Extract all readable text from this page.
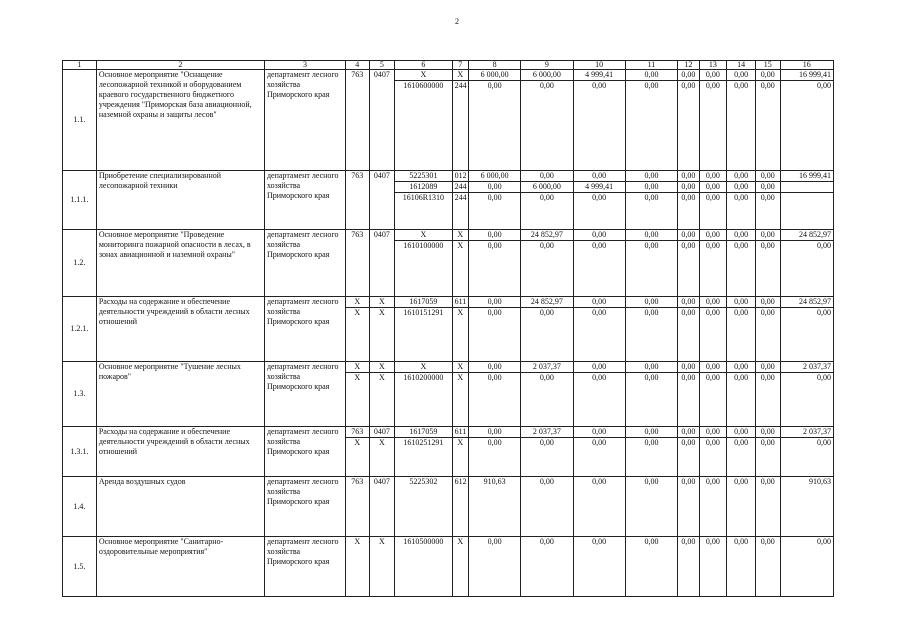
2
1	2	3	4	5	6	7	8	9	10	11	12	13	14	15	16
1.1.	Основное мероприятие "Оснащение лесопожарной техникой и оборудованием краевого государственного бюджетного учреждения "Приморская база авиационной, наземной охраны и защиты лесов"	департамент лесного хозяйства Приморского края	763	0407	X	X	6 000,00	6 000,00	4 999,41	0,00	0,00	0,00	0,00	0,00	16 999,41
					1610600000	244	0,00	0,00	0,00	0,00	0,00	0,00	0,00	0,00	0,00
1.1.1.	Приобретение специализированной лесопожарной техники	департамент лесного хозяйства Приморского края	763	0407	5225301	012	6 000,00	0,00	0,00	0,00	0,00	0,00	0,00	0,00	16 999,41
					1612089	244	0,00	6 000,00	4 999,41	0,00	0,00	0,00	0,00	0,00	
					16106R1310	244	0,00	0,00	0,00	0,00	0,00	0,00	0,00	0,00	
1.2.	Основное мероприятие "Проведение мониторинга пожарной опасности в лесах, в зонах авиационной и наземной охраны"	департамент лесного хозяйства Приморского края	763	0407	X	X	0,00	24 852,97	0,00	0,00	0,00	0,00	0,00	0,00	24 852,97
					1610100000	X	0,00	0,00	0,00	0,00	0,00	0,00	0,00	0,00	0,00
1.2.1.	Расходы на содержание и обеспечение деятельности учреждений в области лесных отношений	департамент лесного хозяйства Приморского края	X	X	1617059	611	0,00	24 852,97	0,00	0,00	0,00	0,00	0,00	0,00	24 852,97
			X	X	1610151291	X	0,00	0,00	0,00	0,00	0,00	0,00	0,00	0,00	0,00
1.3.	Основное мероприятие "Тушение лесных пожаров"	департамент лесного хозяйства Приморского края	X	X	X	X	0,00	2 037,37	0,00	0,00	0,00	0,00	0,00	0,00	2 037,37
			X	X	1610200000	X	0,00	0,00	0,00	0,00	0,00	0,00	0,00	0,00	0,00
1.3.1.	Расходы на содержание и обеспечение деятельности учреждений в области лесных отношений	департамент лесного хозяйства Приморского края	763	0407	1617059	611	0,00	2 037,37	0,00	0,00	0,00	0,00	0,00	0,00	2 037,37
			X	X	1610251291	X	0,00	0,00	0,00	0,00	0,00	0,00	0,00	0,00	0,00
1.4.	Аренда воздушных судов	департамент лесного хозяйства Приморского края	763	0407	5225302	612	910,63	0,00	0,00	0,00	0,00	0,00	0,00	0,00	910,63
1.5.	Основное мероприятие "Санитарно-оздоровительные мероприятия"	департамент лесного хозяйства Приморского края	X	X	1610500000	X	0,00	0,00	0,00	0,00	0,00	0,00	0,00	0,00	0,00
